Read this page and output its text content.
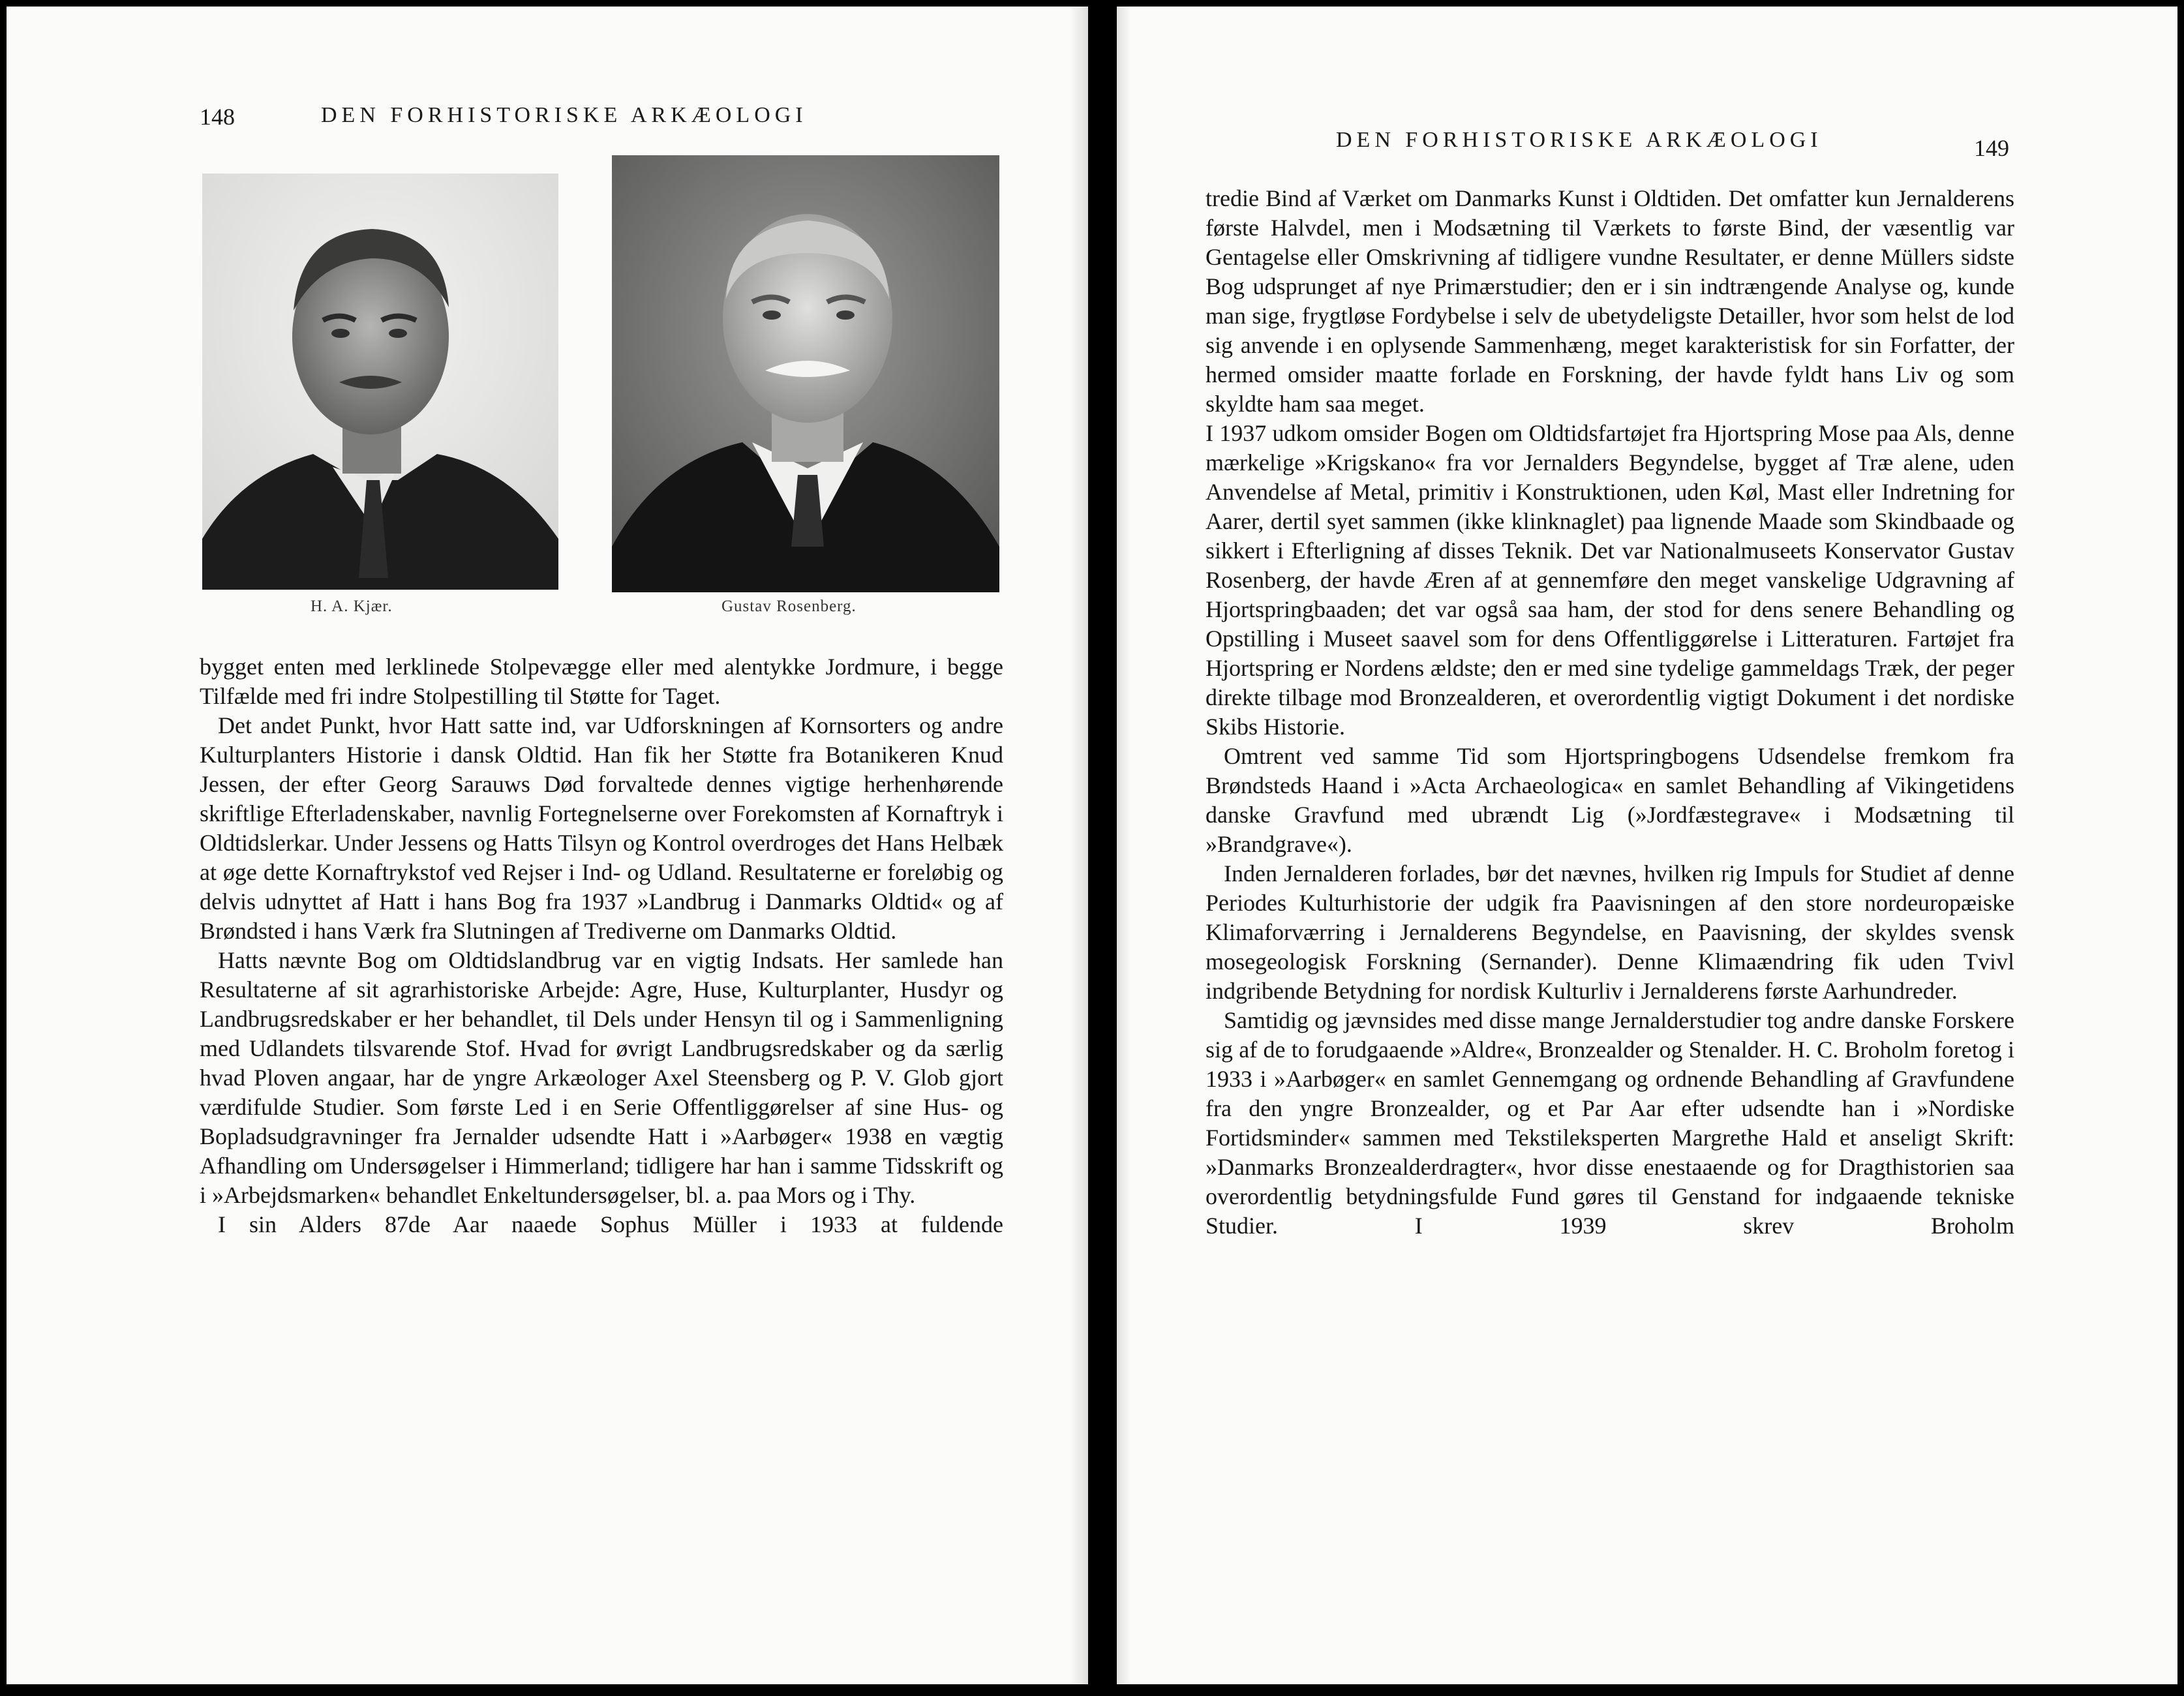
148	DEN FORHISTORISKE ARKÆOLOGI
H. A. Kjær.	Gustav Rosenberg.

bygget enten med lerklinede Stolpevægge eller med alentykke Jordmure, i begge Tilfælde med fri indre Stolpestilling til Støtte for Taget.

Det andet Punkt, hvor Hatt satte ind, var Udforskningen af Kornsorters og andre Kulturplanters Historie i dansk Oldtid. Han fik her Støtte fra Botanikeren Knud Jessen, der efter Georg Sarauws Død forvaltede dennes vigtige herhenhørende skriftlige Efterladenskaber, navnlig Fortegnelserne over Forekomsten af Kornaftryk i Oldtidslerkar. Under Jessens og Hatts Tilsyn og Kontrol overdroges det Hans Helbæk at øge dette Kornaftrykstof ved Rejser i Ind- og Udland. Resultaterne er foreløbig og delvis udnyttet af Hatt i hans Bog fra 1937 »Landbrug i Danmarks Oldtid« og af Brøndsted i hans Værk fra Slutningen af Trediverne om Danmarks Oldtid.

Hatts nævnte Bog om Oldtidslandbrug var en vigtig Indsats. Her samlede han Resultaterne af sit agrarhistoriske Arbejde: Agre, Huse, Kulturplanter, Husdyr og Landbrugsredskaber er her behandlet, til Dels under Hensyn til og i Sammenligning med Udlandets tilsvarende Stof. Hvad for øvrigt Landbrugsredskaber og da særlig hvad Ploven angaar, har de yngre Arkæologer Axel Steensberg og P. V. Glob gjort værdifulde Studier. Som første Led i en Serie Offentliggørelser af sine Hus- og Bopladsudgravninger fra Jernalder udsendte Hatt i »Aarbøger« 1938 en vægtig Afhandling om Undersøgelser i Himmerland; tidligere har han i samme Tidsskrift og i »Arbejdsmarken« behandlet Enkeltundersøgelser, bl. a. paa Mors og i Thy.

I sin Alders 87de Aar naaede Sophus Müller i 1933 at fuldende

DEN FORHISTORISKE ARKÆOLOGI	149

tredie Bind af Værket om Danmarks Kunst i Oldtiden. Det omfatter kun Jernalderens første Halvdel, men i Modsætning til Værkets to første Bind, der væsentlig var Gentagelse eller Omskrivning af tidligere vundne Resultater, er denne Müllers sidste Bog udsprunget af nye Primærstudier; den er i sin indtrængende Analyse og, kunde man sige, frygtløse Fordybelse i selv de ubetydeligste Detailler, hvor som helst de lod sig anvende i en oplysende Sammenhæng, meget karakteristisk for sin Forfatter, der hermed omsider maatte forlade en Forskning, der havde fyldt hans Liv og som skyldte ham saa meget.

I 1937 udkom omsider Bogen om Oldtidsfartøjet fra Hjortspring Mose paa Als, denne mærkelige »Krigskano« fra vor Jernalders Begyndelse, bygget af Træ alene, uden Anvendelse af Metal, primitiv i Konstruktionen, uden Køl, Mast eller Indretning for Aarer, dertil syet sammen (ikke klinknaglet) paa lignende Maade som Skindbaade og sikkert i Efterligning af disses Teknik. Det var Nationalmuseets Konservator Gustav Rosenberg, der havde Æren af at gennemføre den meget vanskelige Udgravning af Hjortspringbaaden; det var også saa ham, der stod for dens senere Behandling og Opstilling i Museet saavel som for dens Offentliggørelse i Litteraturen. Fartøjet fra Hjortspring er Nordens ældste; den er med sine tydelige gammeldags Træk, der peger direkte tilbage mod Bronzealderen, et overordentlig vigtigt Dokument i det nordiske Skibs Historie.

Omtrent ved samme Tid som Hjortspringbogens Udsendelse fremkom fra Brøndsteds Haand i »Acta Archaeologica« en samlet Behandling af Vikingetidens danske Gravfund med ubrændt Lig (»Jordfæstegrave« i Modsætning til »Brandgrave«).

Inden Jernalderen forlades, bør det nævnes, hvilken rig Impuls for Studiet af denne Periodes Kulturhistorie der udgik fra Paavisningen af den store nordeuropæiske Klimaforværring i Jernalderens Begyndelse, en Paavisning, der skyldes svensk mosegeologisk Forskning (Sernander). Denne Klimaændring fik uden Tvivl indgribende Betydning for nordisk Kulturliv i Jernalderens første Aarhundreder.

Samtidig og jævnsides med disse mange Jernalderstudier tog andre danske Forskere sig af de to forudgaaende »Aldre«, Bronzealder og Stenalder. H. C. Broholm foretog i 1933 i »Aarbøger« en samlet Gennemgang og ordnende Behandling af Gravfundene fra den yngre Bronzealder, og et Par Aar efter udsendte han i »Nordiske Fortidsminder« sammen med Tekstileksperten Margrethe Hald et anseligt Skrift: »Danmarks Bronzealderdragter«, hvor disse enestaaende og for Dragthistorien saa overordentlig betydningsfulde Fund gøres til Genstand for indgaaende tekniske Studier. I 1939 skrev Broholm
